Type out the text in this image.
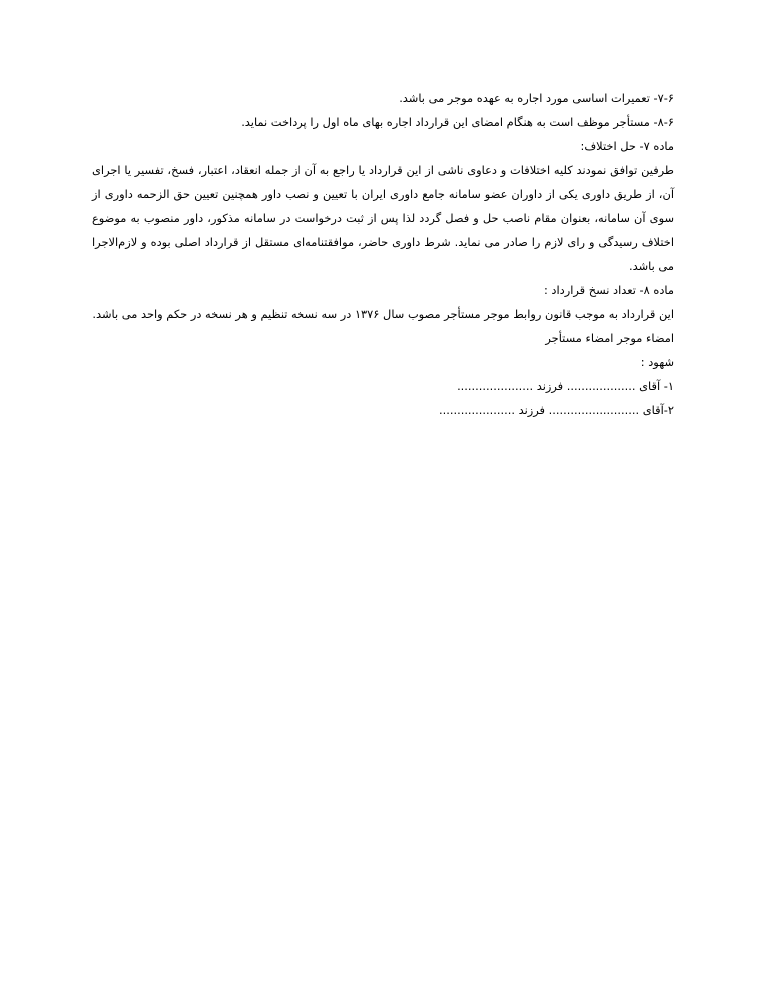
۷-۶- تعمیرات اساسی مورد اجاره به عهده موجر می باشد.
۸-۶- مستأجر موظف است به هنگام امضای این قرارداد اجاره بهای ماه اول را پرداخت نماید.
ماده ۷- حل اختلاف:
طرفین توافق نمودند کلیه اختلافات و دعاوی ناشی از این قرارداد یا راجع به آن از جمله انعقاد، اعتبار، فسخ، تفسیر یا اجرای آن، از طریق داوری یکی از داوران عضو سامانه جامع داوری ایران با تعیین و نصب داور همچنین تعیین حق الزحمه داوری از سوی آن سامانه، بعنوان مقام ناصب حل و فصل گردد لذا پس از ثبت درخواست در سامانه مذکور، داور منصوب به موضوع اختلاف رسیدگی و رای لازم را صادر می نماید. شرط داوری حاضر، موافقتنامه‌ای مستقل از قرارداد اصلی بوده و لازم‌الاجرا می باشد.
ماده ۸- تعداد نسخ قرارداد :
این قرارداد به موجب قانون روابط موجر مستأجر مصوب سال ۱۳۷۶ در سه نسخه تنظیم و هر نسخه در حکم واحد می باشد.
امضاء موجر امضاء مستأجر
شهود :
۱- آقای ................... فرزند .....................
۲-آقای ......................... فرزند .....................
